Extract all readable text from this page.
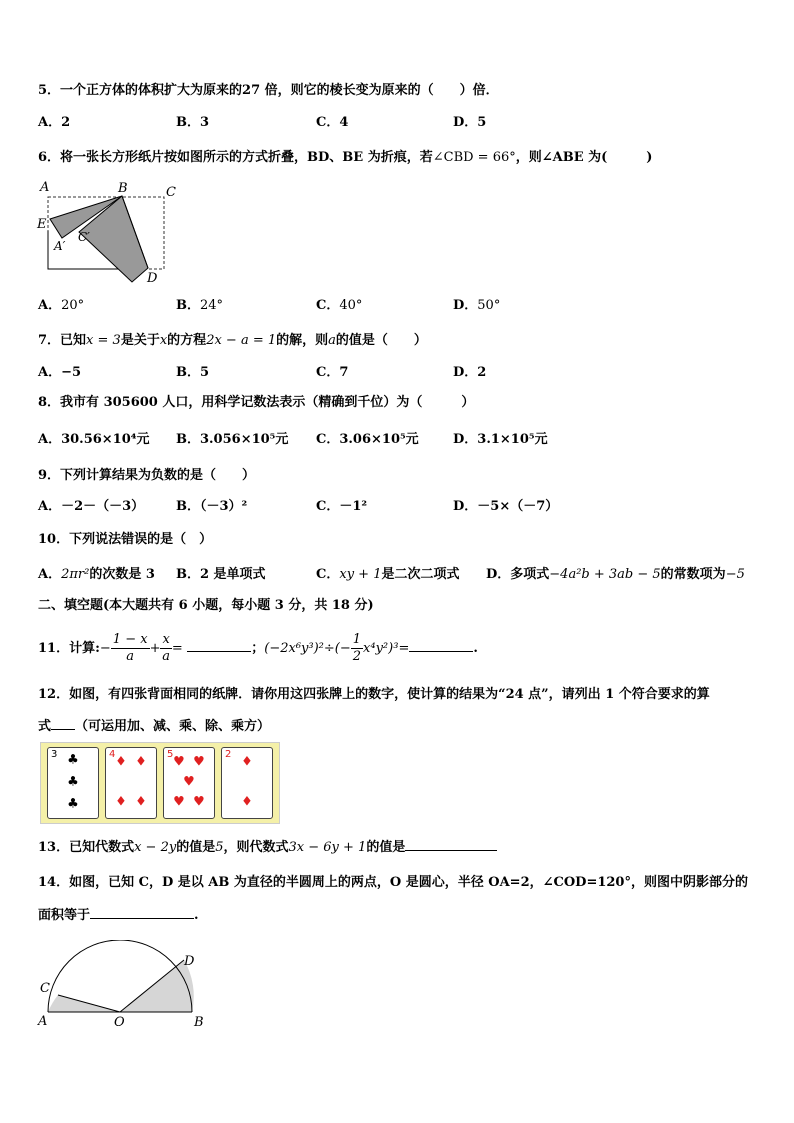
5．一个正方体的体积扩大为原来的27 倍，则它的棱长变为原来的（　　）倍．
A．2	B．3	C．4	D．5
6．将一张长方形纸片按如图所示的方式折叠，BD、BE 为折痕，若∠CBD = 66°，则∠ABE 为(　　　)
A	B	C
E
A′
C′
D
A．20°	B．24°	C．40°	D．50°
7．已知x = 3是关于x的方程2x − a = 1的解，则a的值是（　　）
A．−5	B．5	C．7	D．2
8．我市有 305600 人口，用科学记数法表示（精确到千位）为（　　　）
A．30.56×10⁴元 B．3.056×10⁵元 C．3.06×10⁵元	D．3.1×10⁵元
9．下列计算结果为负数的是（　　）
A．－2－（－3） B．（－3）²	C．－1²	D．－5×（－7）
10．下列说法错误的是（　）
A．2πr²的次数是 3 B．2 是单项式	C．xy + 1是二次二项式 D．多项式−4a²b + 3ab − 5的常数项为−5
二、填空题(本大题共有 6 小题，每小题 3 分，共 18 分)
11．计算:− $\frac{1 - x}{a} + \frac{x}{a}$ =	；$(-2x^6y^3)^2\div(- \frac{1}{2} x^4y^2)^3=$	.
12．如图，有四张背面相同的纸牌．请你用这四张牌上的数字，使计算的结果为“24 点”，请列出 1 个符合要求的算
式 （可运用加、减、乘、除、乘方）
3 ♣
♣
♣
4 ♦ ♦
♦ ♦
5 ♥ ♥
♥
♥ ♥
2 ♦
♦
13．已知代数式x − 2y的值是5，则代数式3x − 6y + 1的值是
14．如图，已知 C，D 是以 AB 为直径的半圆周上的两点，O 是圆心，半径 OA=2，∠COD=120°，则图中阴影部分的
面积等于	.
D
C
A	O	B
